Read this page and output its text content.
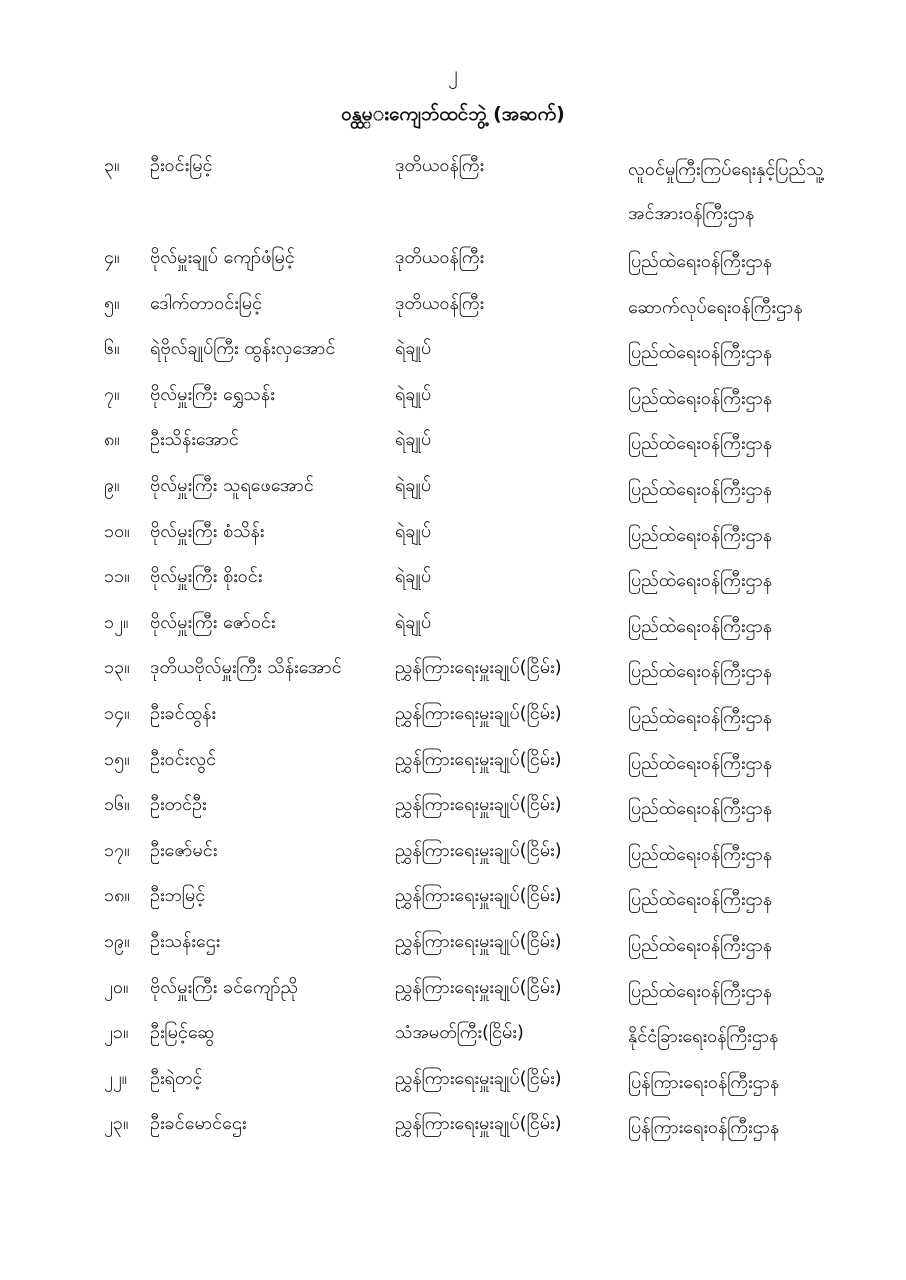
၂
ဝန္ထမ္းကျေဘ်ထင်ဘွဲ့ (အဆက်)
၃။ ဦးဝင်းမြင့်	ဒုတိယဝန်ကြီး	လူဝင်မှုကြီးကြပ်ရေးနှင့်ပြည်သူ့
အင်အားဝန်ကြီးဌာန
၄။ ဗိုလ်မှူးချုပ် ကျော်ဖံမြင့်	ဒုတိယဝန်ကြီး	ပြည်ထဲရေးဝန်ကြီးဌာန
၅။ ဒေါက်တာဝင်းမြင့်	ဒုတိယဝန်ကြီး	ဆောက်လုပ်ရေးဝန်ကြီးဌာန
၆။ ရဲဗိုလ်ချုပ်ကြီး ထွန်းလှအောင်	ရဲချုပ်	ပြည်ထဲရေးဝန်ကြီးဌာန
၇။ ဗိုလ်မှူးကြီး ရွှေသန်း	ရဲချုပ်	ပြည်ထဲရေးဝန်ကြီးဌာန
၈။ ဦးသိန်းအောင်	ရဲချုပ်	ပြည်ထဲရေးဝန်ကြီးဌာန
၉။ ဗိုလ်မှူးကြီး သူရဖေအောင်	ရဲချုပ်	ပြည်ထဲရေးဝန်ကြီးဌာန
၁၀။ ဗိုလ်မှူးကြီး စံသိန်း	ရဲချုပ်	ပြည်ထဲရေးဝန်ကြီးဌာန
၁၁။ ဗိုလ်မှူးကြီး စိုးဝင်း	ရဲချုပ်	ပြည်ထဲရေးဝန်ကြီးဌာန
၁၂။ ဗိုလ်မှူးကြီး ဇော်ဝင်း	ရဲချုပ်	ပြည်ထဲရေးဝန်ကြီးဌာန
၁၃။ ဒုတိယဗိုလ်မှူးကြီး သိန်းအောင်	ညွှန်ကြားရေးမှူးချုပ်(ငြိမ်း)	ပြည်ထဲရေးဝန်ကြီးဌာန
၁၄။ ဦးခင်ထွန်း	ညွှန်ကြားရေးမှူးချုပ်(ငြိမ်း)	ပြည်ထဲရေးဝန်ကြီးဌာန
၁၅။ ဦးဝင်းလွင်	ညွှန်ကြားရေးမှူးချုပ်(ငြိမ်း)	ပြည်ထဲရေးဝန်ကြီးဌာန
၁၆။ ဦးတင်ဦး	ညွှန်ကြားရေးမှူးချုပ်(ငြိမ်း)	ပြည်ထဲရေးဝန်ကြီးဌာန
၁၇။ ဦးဇော်မင်း	ညွှန်ကြားရေးမှူးချုပ်(ငြိမ်း)	ပြည်ထဲရေးဝန်ကြီးဌာန
၁၈။ ဦးဘမြင့်	ညွှန်ကြားရေးမှူးချုပ်(ငြိမ်း)	ပြည်ထဲရေးဝန်ကြီးဌာန
၁၉။ ဦးသန်းဌေး	ညွှန်ကြားရေးမှူးချုပ်(ငြိမ်း)	ပြည်ထဲရေးဝန်ကြီးဌာန
၂၀။ ဗိုလ်မှူးကြီး ခင်ကျော်ညို	ညွှန်ကြားရေးမှူးချုပ်(ငြိမ်း)	ပြည်ထဲရေးဝန်ကြီးဌာန
၂၁။ ဦးမြင့်ဆွေ	သံအမတ်ကြီး(ငြိမ်း)	နိုင်ငံခြားရေးဝန်ကြီးဌာန
၂၂။ ဦးရဲတင့်	ညွှန်ကြားရေးမှူးချုပ်(ငြိမ်း)	ပြန်ကြားရေးဝန်ကြီးဌာန
၂၃။ ဦးခင်မောင်ဌေး	ညွှန်ကြားရေးမှူးချုပ်(ငြိမ်း)	ပြန်ကြားရေးဝန်ကြီးဌာန
